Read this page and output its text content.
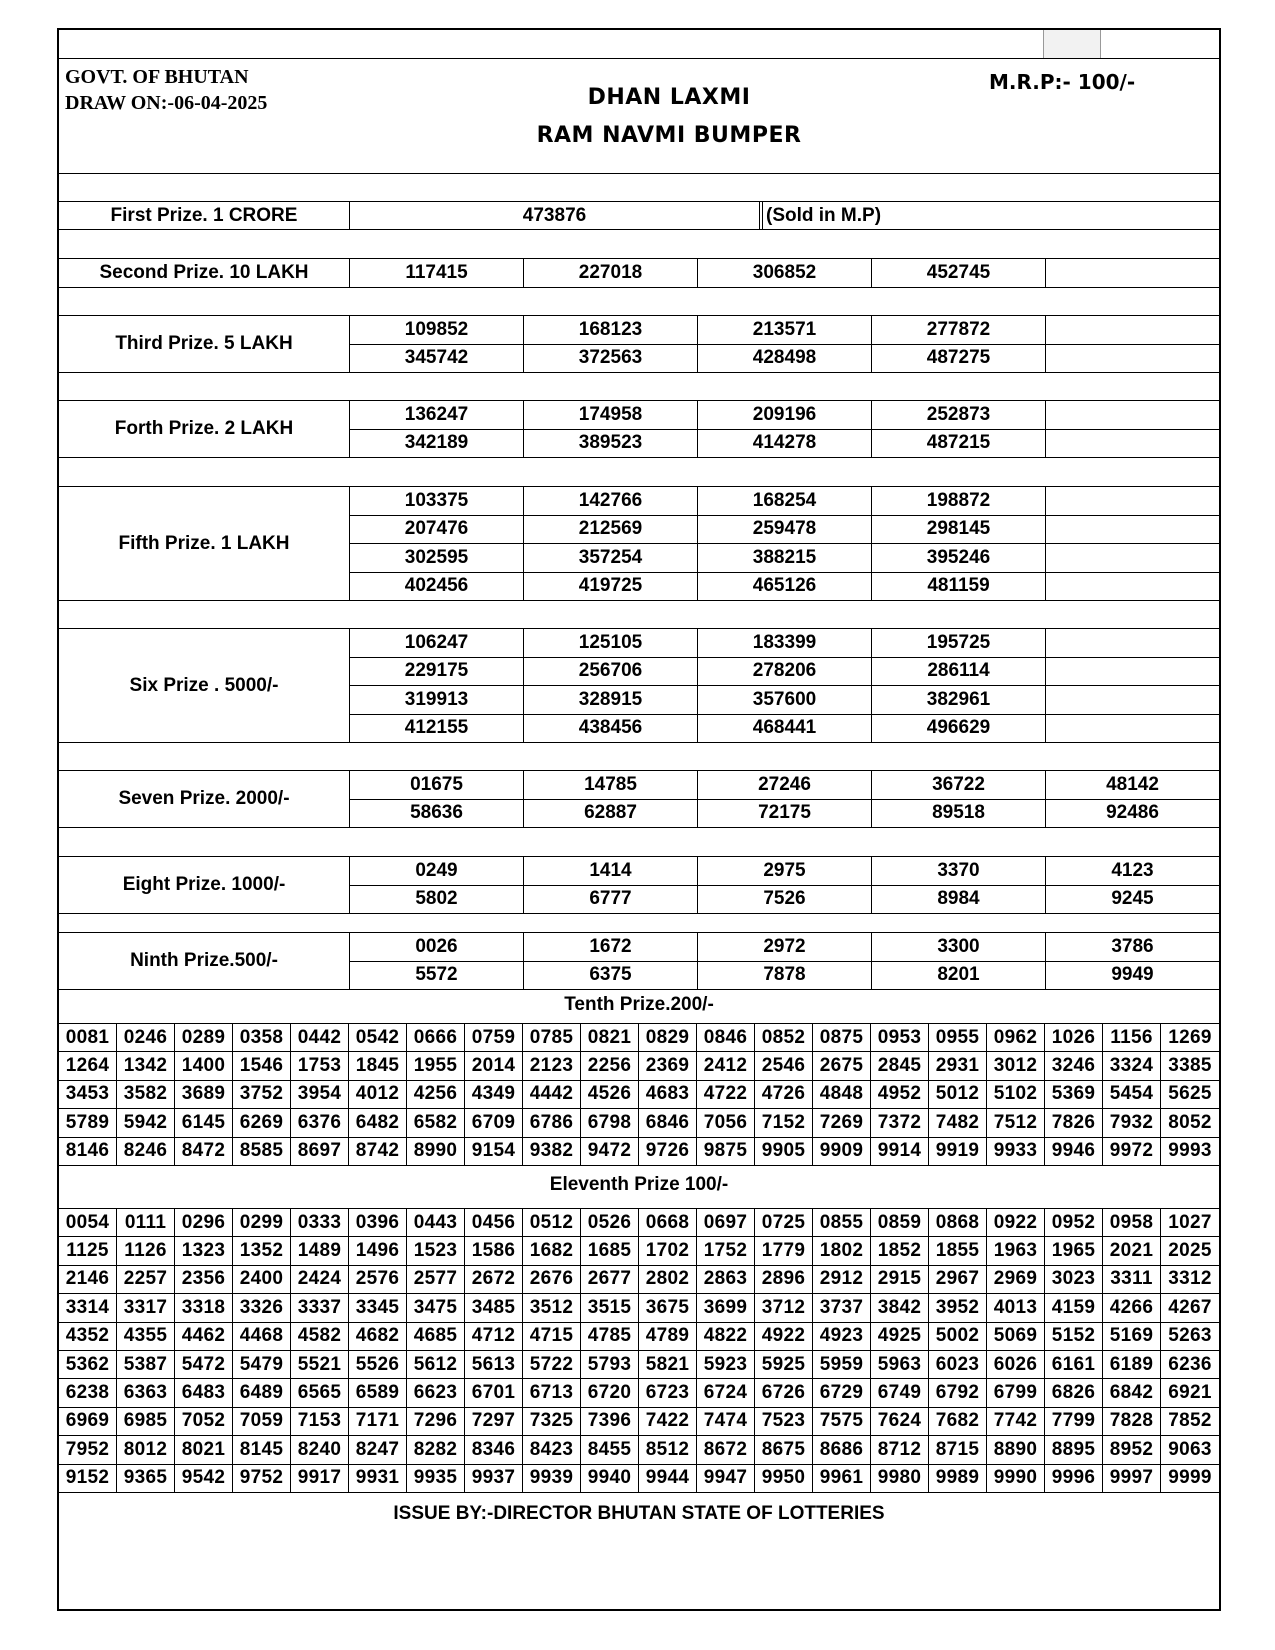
GOVT. OF BHUTAN
DRAW ON:-06-04-2025	DHAN LAXMI
RAM NAVMI BUMPER
M.R.P:- 100/-
First Prize. 1 CRORE	473876	(Sold in M.P)
Second Prize. 10 LAKH	117415	227018	306852	452745
Third Prize. 5 LAKH
109852	168123	213571	277872
345742	372563	428498	487275
Forth Prize. 2 LAKH
136247	174958	209196	252873
342189	389523	414278	487215
Fifth Prize. 1 LAKH
103375	142766	168254	198872
207476	212569	259478	298145
302595	357254	388215	395246
402456	419725	465126	481159
Six Prize . 5000/-
106247	125105	183399	195725
229175	256706	278206	286114
319913	328915	357600	382961
412155	438456	468441	496629
Seven Prize. 2000/-
01675	14785	27246	36722	48142
58636	62887	72175	89518	92486
Eight Prize. 1000/-
0249	1414	2975	3370	4123
5802	6777	7526	8984	9245
Ninth Prize.500/-
0026	1672	2972	3300	3786
5572	6375	7878	8201	9949
Tenth Prize.200/-
0081 0246 0289 0358 0442 0542 0666 0759 0785 0821 0829 0846 0852 0875 0953 0955 0962 1026 1156 1269
1264 1342 1400 1546 1753 1845 1955 2014 2123 2256 2369 2412 2546 2675 2845 2931 3012 3246 3324 3385
3453 3582 3689 3752 3954 4012 4256 4349 4442 4526 4683 4722 4726 4848 4952 5012 5102 5369 5454 5625
5789 5942 6145 6269 6376 6482 6582 6709 6786 6798 6846 7056 7152 7269 7372 7482 7512 7826 7932 8052
8146 8246 8472 8585 8697 8742 8990 9154 9382 9472 9726 9875 9905 9909 9914 9919 9933 9946 9972 9993
Eleventh Prize 100/-
0054 0111 0296 0299 0333 0396 0443 0456 0512 0526 0668 0697 0725 0855 0859 0868 0922 0952 0958 1027
1125 1126 1323 1352 1489 1496 1523 1586 1682 1685 1702 1752 1779 1802 1852 1855 1963 1965 2021 2025
2146 2257 2356 2400 2424 2576 2577 2672 2676 2677 2802 2863 2896 2912 2915 2967 2969 3023 3311 3312
3314 3317 3318 3326 3337 3345 3475 3485 3512 3515 3675 3699 3712 3737 3842 3952 4013 4159 4266 4267
4352 4355 4462 4468 4582 4682 4685 4712 4715 4785 4789 4822 4922 4923 4925 5002 5069 5152 5169 5263
5362 5387 5472 5479 5521 5526 5612 5613 5722 5793 5821 5923 5925 5959 5963 6023 6026 6161 6189 6236
6238 6363 6483 6489 6565 6589 6623 6701 6713 6720 6723 6724 6726 6729 6749 6792 6799 6826 6842 6921
6969 6985 7052 7059 7153 7171 7296 7297 7325 7396 7422 7474 7523 7575 7624 7682 7742 7799 7828 7852
7952 8012 8021 8145 8240 8247 8282 8346 8423 8455 8512 8672 8675 8686 8712 8715 8890 8895 8952 9063
9152 9365 9542 9752 9917 9931 9935 9937 9939 9940 9944 9947 9950 9961 9980 9989 9990 9996 9997 9999
ISSUE BY:-DIRECTOR BHUTAN STATE OF LOTTERIES
